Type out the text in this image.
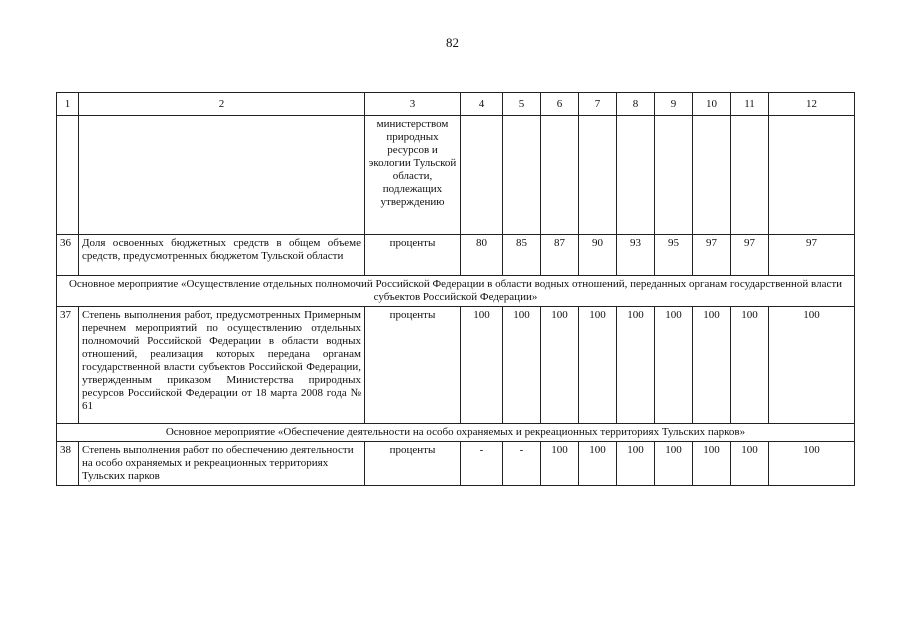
82
1	2	3	4	5	6	7	8	9	10	11	12
		министерством природных ресурсов и экологии Тульской области, подлежащих утверждению									
36	Доля освоенных бюджетных средств в общем объеме средств, предусмотренных бюджетом Тульской области	проценты	80	85	87	90	93	95	97	97	97
Основное мероприятие «Осуществление отдельных полномочий Российской Федерации в области водных отношений, переданных органам государственной власти субъектов Российской Федерации»											
37	Степень выполнения работ, предусмотренных Примерным перечнем мероприятий по осуществлению отдельных полномочий Российской Федерации в области водных отношений, реализация которых передана органам государственной власти субъектов Российской Федерации, утвержденным приказом Министерства природных ресурсов Российской Федерации от 18 марта 2008 года № 61	проценты	100	100	100	100	100	100	100	100	100
Основное мероприятие «Обеспечение деятельности на особо охраняемых и рекреационных территориях Тульских парков»											
38	Степень выполнения работ по обеспечению деятельности на особо охраняемых и рекреационных территориях Тульских парков	проценты	-	-	100	100	100	100	100	100	100
